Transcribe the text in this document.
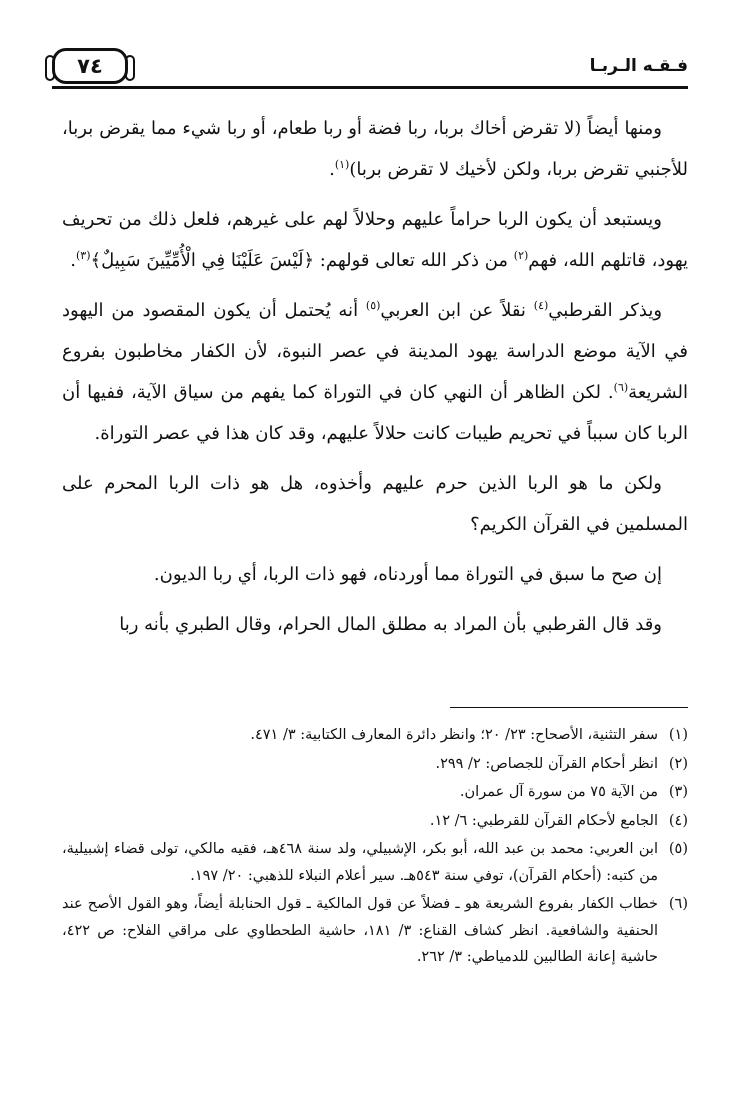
٧٤	فـقـه الـربـا

ومنها أيضاً (لا تقرض أخاك بربا، ربا فضة أو ربا طعام، أو ربا شيء مما يقرض بربا، للأجنبي تقرض بربا، ولكن لأخيك لا تقرض بربا)$^{(١)}$.

ويستبعد أن يكون الربا حراماً عليهم وحلالاً لهم على غيرهم، فلعل ذلك من تحريف يهود، قاتلهم الله، فهم$^{(٢)}$ من ذكر الله تعالى قولهم: ﴿لَيْسَ عَلَيْنَا فِي الْأُمِّيِّينَ سَبِيلٌ﴾$^{(٣)}$.

ويذكر القرطبي$^{(٤)}$ نقلاً عن ابن العربي$^{(٥)}$ أنه يُحتمل أن يكون المقصود من اليهود في الآية موضع الدراسة يهود المدينة في عصر النبوة، لأن الكفار مخاطبون بفروع الشريعة$^{(٦)}$. لكن الظاهر أن النهي كان في التوراة كما يفهم من سياق الآية، ففيها أن الربا كان سبباً في تحريم طيبات كانت حلالاً عليهم، وقد كان هذا في عصر التوراة.

ولكن ما هو الربا الذين حرم عليهم وأخذوه، هل هو ذات الربا المحرم على المسلمين في القرآن الكريم؟

إن صح ما سبق في التوراة مما أوردناه، فهو ذات الربا، أي ربا الديون.

وقد قال القرطبي بأن المراد به مطلق المال الحرام، وقال الطبري بأنه ربا

(١)
سفر التثنية، الأصحاح: ٢٣/ ٢٠؛ وانظر دائرة المعارف الكتابية: ٣/ ٤٧١.
(٢)
انظر أحكام القرآن للجصاص: ٢/ ٢٩٩.
(٣)
من الآية ٧٥ من سورة آل عمران.
(٤)
الجامع لأحكام القرآن للقرطبي: ٦/ ١٢.
(٥)
ابن العربي: محمد بن عبد الله، أبو بكر، الإشبيلي، ولد سنة ٤٦٨هـ، فقيه مالكي، تولى قضاء إشبيلية، من كتبه: (أحكام القرآن)، توفي سنة ٥٤٣هـ. سير أعلام النبلاء للذهبي: ٢٠/ ١٩٧.
(٦)
خطاب الكفار بفروع الشريعة هو ـ فضلاً عن قول المالكية ـ قول الحنابلة أيضاً، وهو القول الأصح عند الحنفية والشافعية. انظر كشاف القناع: ٣/ ١٨١، حاشية الطحطاوي على مراقي الفلاح: ص ٤٢٢، حاشية إعانة الطالبين للدمياطي: ٣/ ٢٦٢.
